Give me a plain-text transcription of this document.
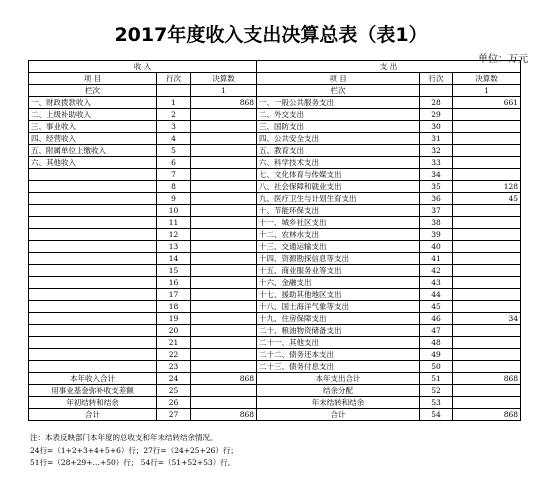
2017年度收入支出决算总表（表1）
单位：万元
收 入			支 出		
项 目	行次	决算数	项 目	行次	决算数
栏次		1	栏次		1
一、财政拨款收入	1	868	一、一般公共服务支出	28	661
二、上级补助收入	2		二、外交支出	29	
三、事业收入	3		三、国防支出	30	
四、经营收入	4		四、公共安全支出	31	
五、附属单位上缴收入	5		五、教育支出	32	
六、其他收入	6		六、科学技术支出	33	
	7		七、文化体育与传媒支出	34	
	8		八、社会保障和就业支出	35	128
	9		九、医疗卫生与计划生育支出	36	45
	10		十、节能环保支出	37	
	11		十一、城乡社区支出	38	
	12		十二、农林水支出	39	
	13		十三、交通运输支出	40	
	14		十四、资源勘探信息等支出	41	
	15		十五、商业服务业等支出	42	
	16		十六、金融支出	43	
	17		十七、援助其他地区支出	44	
	18		十八、国土海洋气象等支出	45	
	19		十九、住房保障支出	46	34
	20		二十、粮油物资储备支出	47	
	21		二十一、其他支出	48	
	22		二十二、债务还本支出	49	
	23		二十三、债务付息支出	50	
本年收入合计	24	868	本年支出合计	51	868
用事业基金弥补收支差额	25		结余分配	52	
年初结转和结余	26		年末结转和结余	53	
合计	27	868	合计	54	868
注：本表反映部门本年度的总收支和年末结转结余情况。
24行=（1+2+3+4+5+6）行；27行=（24+25+26）行；
51行=（28+29+…+50）行； 54行=（51+52+53）行。
